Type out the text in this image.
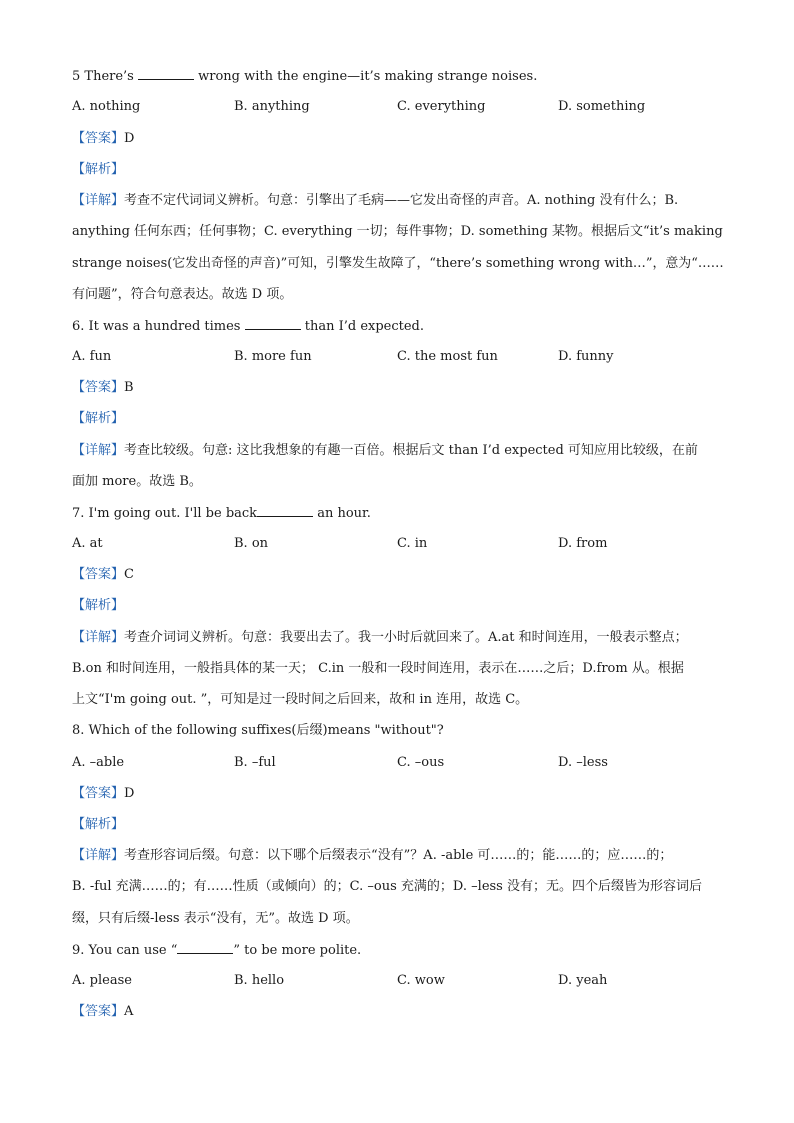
5 There’s	wrong with the engine—it’s making strange noises.
A. nothing	B. anything	C. everything	D. something
【答案】D
【解析】
【详解】考查不定代词词义辨析。句意：引擎出了毛病——它发出奇怪的声音。A. nothing 没有什么；B.
anything 任何东西；任何事物；C. everything 一切；每件事物；D. something 某物。根据后文“it’s making
strange noises(它发出奇怪的声音)”可知，引擎发生故障了，“there’s something wrong with…”，意为“……
有问题”，符合句意表达。故选 D 项。
6. It was a hundred times	than I’d expected.
A. fun	B. more fun	C. the most fun	D. funny
【答案】B
【解析】
【详解】考查比较级。句意: 这比我想象的有趣一百倍。根据后文 than I’d expected 可知应用比较级，在前
面加 more。故选 B。
7. I'm going out. I'll be back	an hour.
A. at	B. on	C. in	D. from
【答案】C
【解析】
【详解】考查介词词义辨析。句意：我要出去了。我一小时后就回来了。A.at 和时间连用，一般表示整点；
B.on 和时间连用，一般指具体的某一天； C.in 一般和一段时间连用，表示在……之后；D.from 从。根据
上文“I'm going out. ”，可知是过一段时间之后回来，故和 in 连用，故选 C。
8. Which of the following suffixes(后缀)means "without"?
A. –able	B. –ful	C. –ous	D. –less
【答案】D
【解析】
【详解】考查形容词后缀。句意：以下哪个后缀表示“没有”？A. -able 可……的；能……的；应……的；
B. -ful 充满……的；有……性质（或倾向）的；C. –ous 充满的；D. –less 没有；无。四个后缀皆为形容词后
缀，只有后缀-less 表示“没有，无”。故选 D 项。
9. You can use “	” to be more polite.
A. please	B. hello	C. wow	D. yeah
【答案】A
